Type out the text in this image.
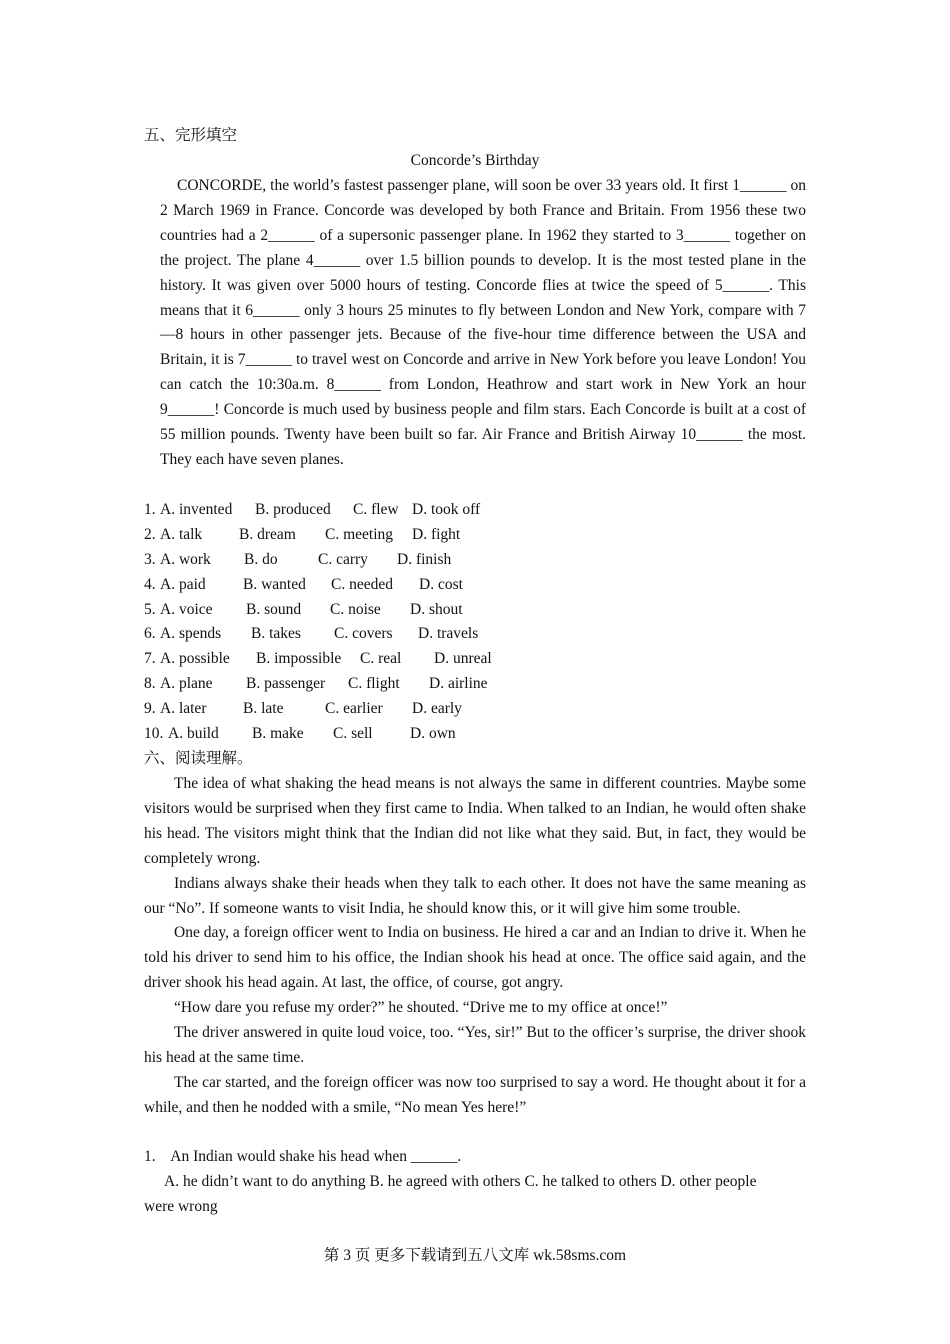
五、完形填空
Concorde’s Birthday

CONCORDE, the world’s fastest passenger plane, will soon be over 33 years old. It first 1______ on 2 March 1969 in France. Concorde was developed by both France and Britain. From 1956 these two countries had a 2______ of a supersonic passenger plane. In 1962 they started to 3______ together on the project. The plane 4______ over 1.5 billion pounds to develop. It is the most tested plane in the history. It was given over 5000 hours of testing. Concorde flies at twice the speed of 5______. This means that it 6______ only 3 hours 25 minutes to fly between London and New York, compare with 7—8 hours in other passenger jets. Because of the five-hour time difference between the USA and Britain, it is 7______ to travel west on Concorde and arrive in New York before you leave London! You can catch the 10:30a.m. 8______ from London, Heathrow and start work in New York an hour 9______! Concorde is much used by business people and film stars. Each Concorde is built at a cost of 55 million pounds. Twenty have been built so far. Air France and British Airway 10______ the most. They each have seven planes.

1. A. invented B. produced C. flew D. took off
2. A. talk B. dream C. meeting D. fight
3. A. work B. do	C. carry D. finish
4. A. paid B. wanted C. needed D. cost
5. A. voice B. sound C. noise D. shout
6. A. spends B. takes C. covers D. travels
7. A. possible B. impossible C. real D. unreal
8. A. plane B. passenger C. flight D. airline
9. A. later B. late	C. earlier D. early
10. A. build B. make C. sell D. own
六、阅读理解。

The idea of what shaking the head means is not always the same in different countries. Maybe some visitors would be surprised when they first came to India. When talked to an Indian, he would often shake his head. The visitors might think that the Indian did not like what they said. But, in fact, they would be completely wrong.

Indians always shake their heads when they talk to each other. It does not have the same meaning as our “No”. If someone wants to visit India, he should know this, or it will give him some trouble.

One day, a foreign officer went to India on business. He hired a car and an Indian to drive it. When he told his driver to send him to his office, the Indian shook his head at once. The office said again, and the driver shook his head again. At last, the office, of course, got angry.

“How dare you refuse my order?” he shouted. “Drive me to my office at once!”

The driver answered in quite loud voice, too. “Yes, sir!” But to the officer’s surprise, the driver shook his head at the same time.

The car started, and the foreign officer was now too surprised to say a word. He thought about it for a while, and then he nodded with a smile, “No mean Yes here!”

1. An Indian would shake his head when ______.

A. he didn’t want to do anything B. he agreed with others C. he talked to others D. other people
were wrong

第 3 页 更多下载请到五八文库 wk.58sms.com
